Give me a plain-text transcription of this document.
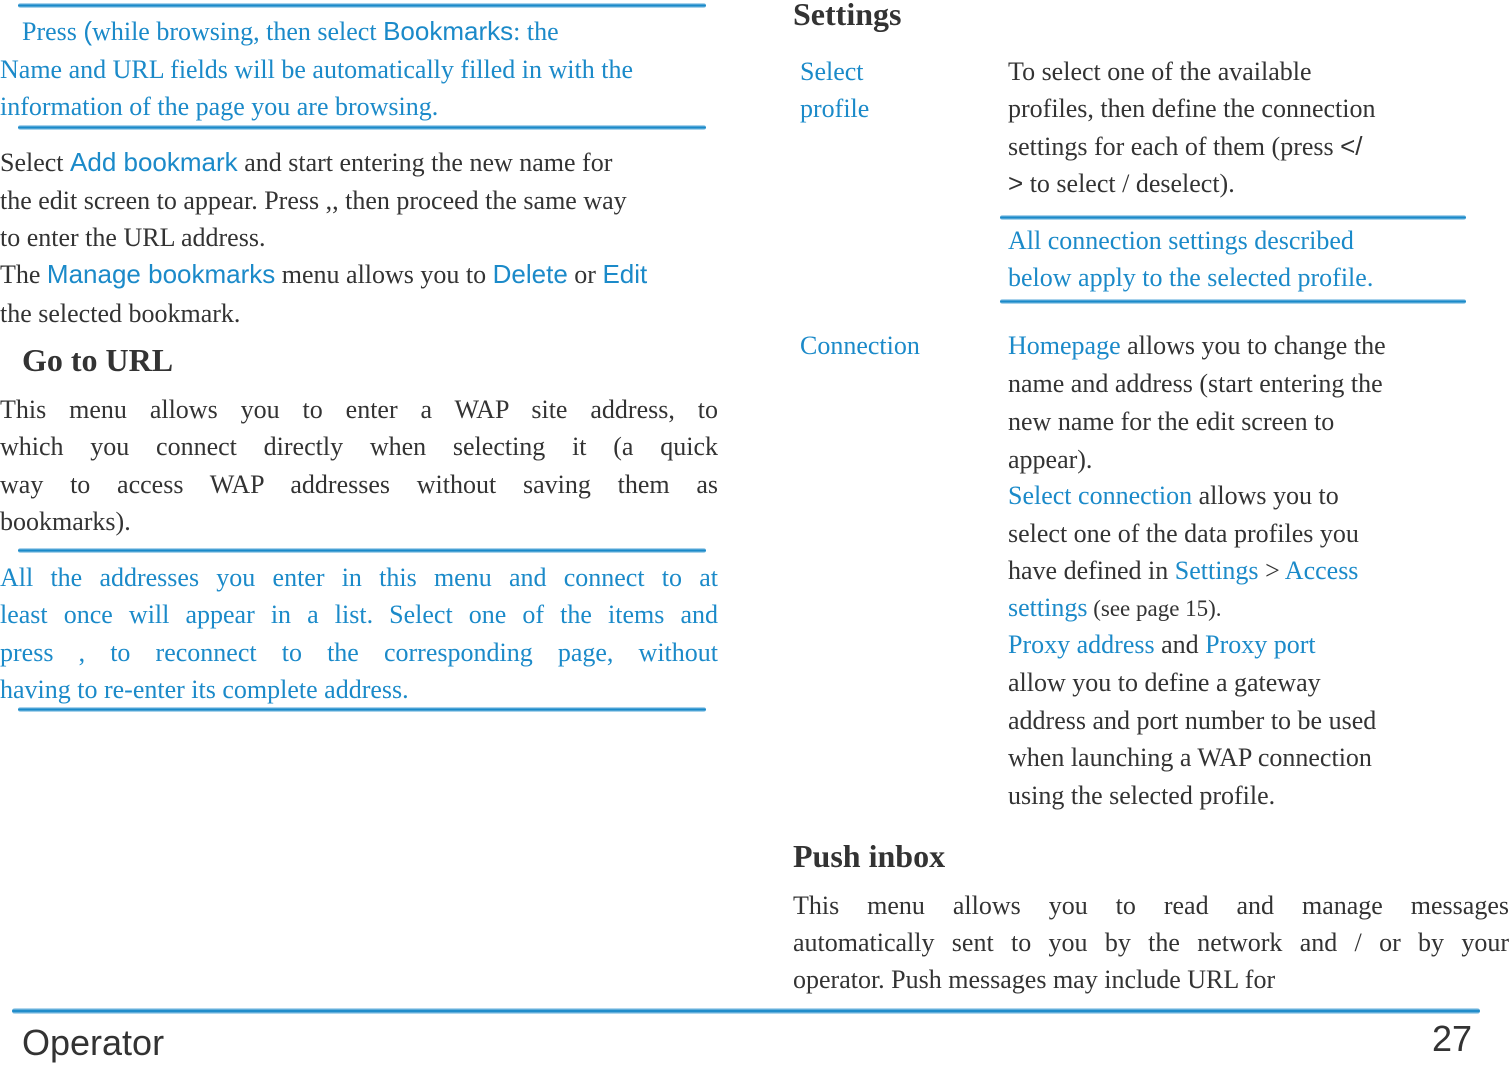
Press (while browsing, then select Bookmarks: the
Name and URL fields will be automatically filled in with the
information of the page you are browsing.
Select Add bookmark and start entering the new name for
the edit screen to appear. Press ,, then proceed the same way
to enter the URL address.
The Manage bookmarks menu allows you to Delete or Edit
the selected bookmark.
Go to URL
This menu allows you to enter a WAP site address, to
which you connect directly when selecting it (a quick
way to access WAP addresses without saving them as
bookmarks).
All the addresses you enter in this menu and connect to at
least once will appear in a list. Select one of the items and
press , to reconnect to the corresponding page, without
having to re-enter its complete address.
Settings
Select
profile
To select one of the available
profiles, then define the connection
settings for each of them (press </
> to select / deselect).
All connection settings described
below apply to the selected profile.
Connection	Homepage allows you to change the
name and address (start entering the
new name for the edit screen to
appear).
Select connection allows you to
select one of the data profiles you
have defined in Settings > Access
settings (see page 15).
Proxy address and Proxy port
allow you to define a gateway
address and port number to be used
when launching a WAP connection
using the selected profile.
Push inbox
This menu allows you to read and manage messages
automatically sent to you by the network and / or by your
operator. Push messages may include URL for
Operator	27
